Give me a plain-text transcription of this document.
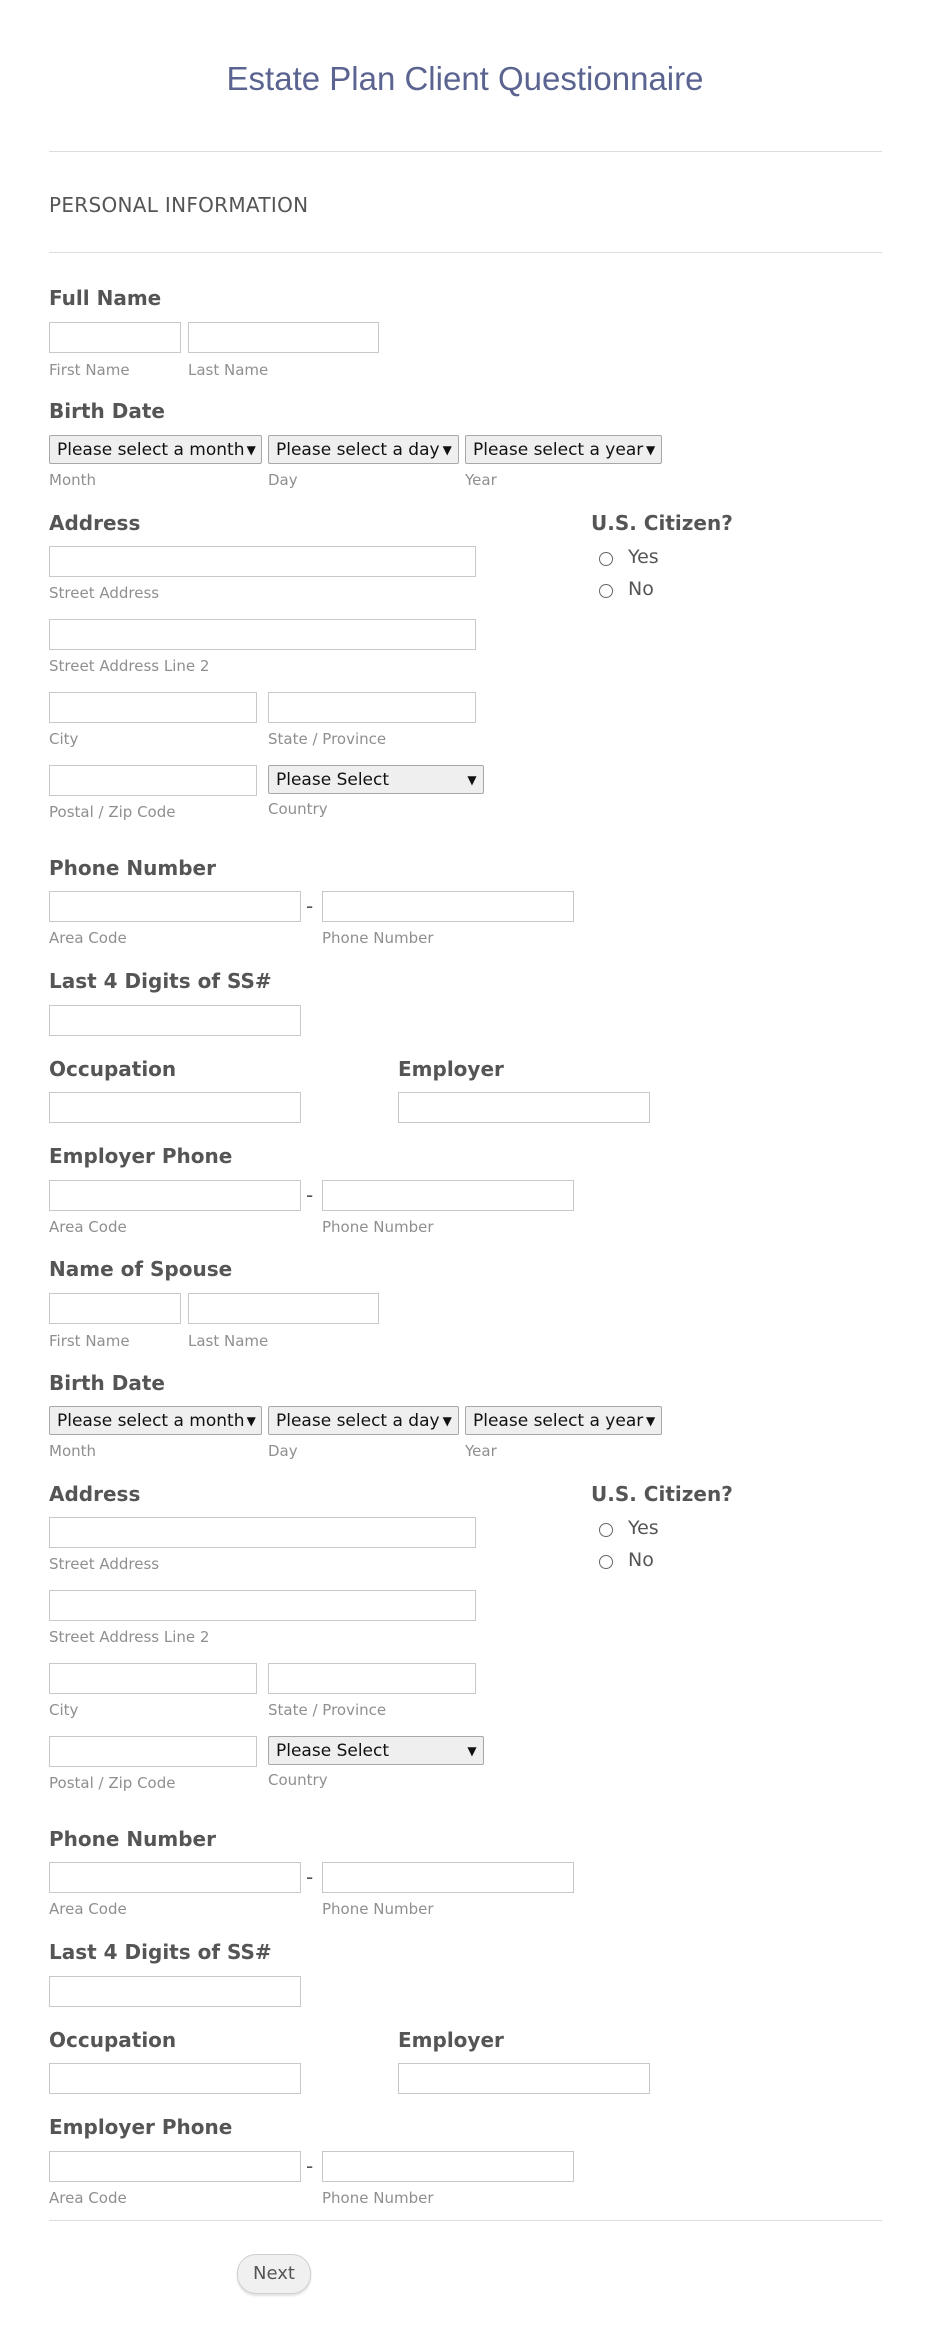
Estate Plan Client Questionnaire
PERSONAL INFORMATION
Full Name
First Name	Last Name
Birth Date
Please select a month ▼ Please select a day ▼ Please select a year ▼
Month	Day	Year
Address
Street Address
Street Address Line 2
City	State / Province
Please Select	▼
Postal / Zip Code	Country
U.S. Citizen?
Yes
No
Phone Number
-
Area Code	Phone Number
Last 4 Digits of SS#
Occupation	Employer
Employer Phone
-
Area Code	Phone Number
Name of Spouse
First Name	Last Name
Birth Date
Please select a month ▼ Please select a day ▼ Please select a year ▼
Month	Day	Year
Address
Street Address
Street Address Line 2
City	State / Province
Please Select	▼
Postal / Zip Code	Country
U.S. Citizen?
Yes
No
Phone Number
-
Area Code	Phone Number
Last 4 Digits of SS#
Occupation	Employer
Employer Phone
-
Area Code	Phone Number
Next
